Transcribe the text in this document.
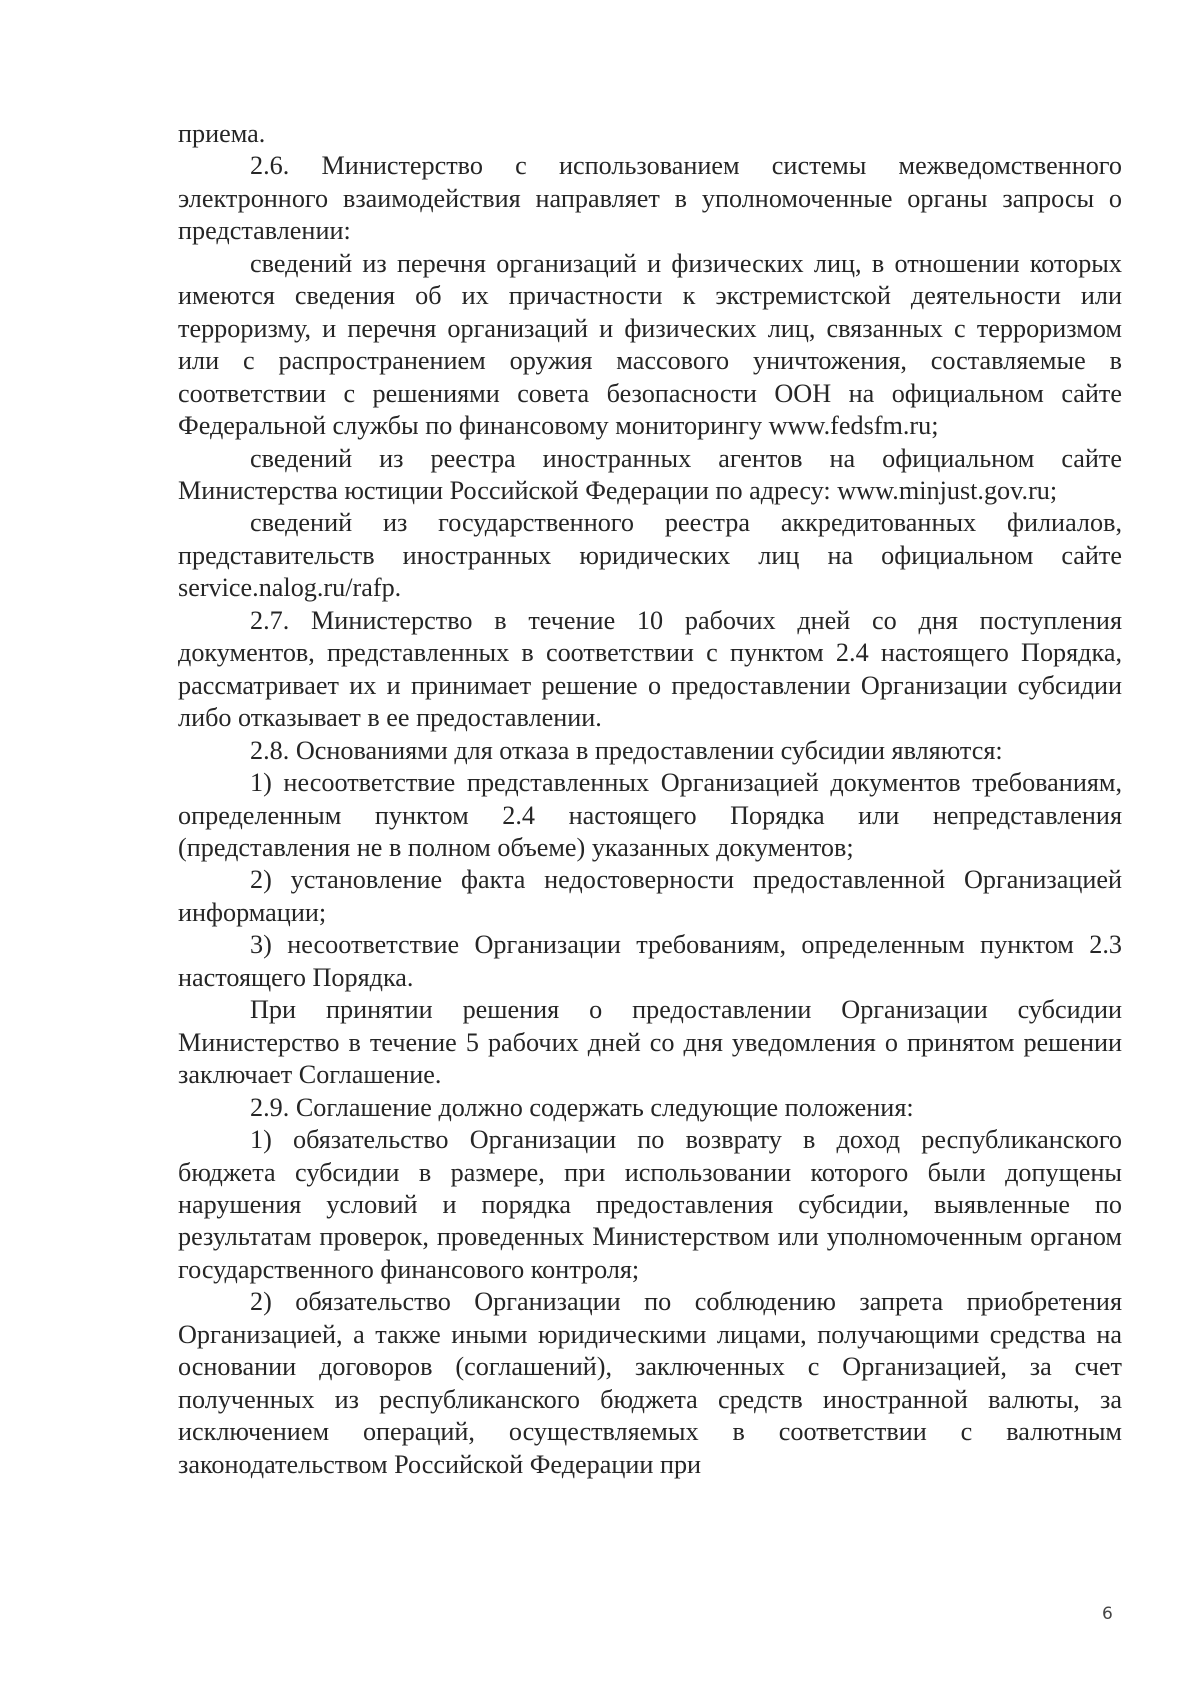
приема.

2.6. Министерство с использованием системы межведомственного электронного взаимодействия направляет в уполномоченные органы запросы о представлении:

сведений из перечня организаций и физических лиц, в отношении которых имеются сведения об их причастности к экстремистской деятельности или терроризму, и перечня организаций и физических лиц, связанных с терроризмом или с распространением оружия массового уничтожения, составляемые в соответствии с решениями совета безопасности ООН на официальном сайте Федеральной службы по финансовому мониторингу www.fedsfm.ru;

сведений из реестра иностранных агентов на официальном сайте Министерства юстиции Российской Федерации по адресу: www.minjust.gov.ru;

сведений из государственного реестра аккредитованных филиалов, представительств иностранных юридических лиц на официальном сайте service.nalog.ru/rafp.

2.7. Министерство в течение 10 рабочих дней со дня поступления документов, представленных в соответствии с пунктом 2.4 настоящего Порядка, рассматривает их и принимает решение о предоставлении Организации субсидии либо отказывает в ее предоставлении.

2.8. Основаниями для отказа в предоставлении субсидии являются:

1) несоответствие представленных Организацией документов требованиям, определенным пунктом 2.4 настоящего Порядка или непредставления (представления не в полном объеме) указанных документов;

2) установление факта недостоверности предоставленной Организацией информации;

3) несоответствие Организации требованиям, определенным пунктом 2.3 настоящего Порядка.

При принятии решения о предоставлении Организации субсидии Министерство в течение 5 рабочих дней со дня уведомления о принятом решении заключает Соглашение.

2.9. Соглашение должно содержать следующие положения:

1) обязательство Организации по возврату в доход республиканского бюджета субсидии в размере, при использовании которого были допущены нарушения условий и порядка предоставления субсидии, выявленные по результатам проверок, проведенных Министерством или уполномоченным органом государственного финансового контроля;

2) обязательство Организации по соблюдению запрета приобретения Организацией, а также иными юридическими лицами, получающими средства на основании договоров (соглашений), заключенных с Организацией, за счет полученных из республиканского бюджета средств иностранной валюты, за исключением операций, осуществляемых в соответствии с валютным законодательством Российской Федерации при

6
